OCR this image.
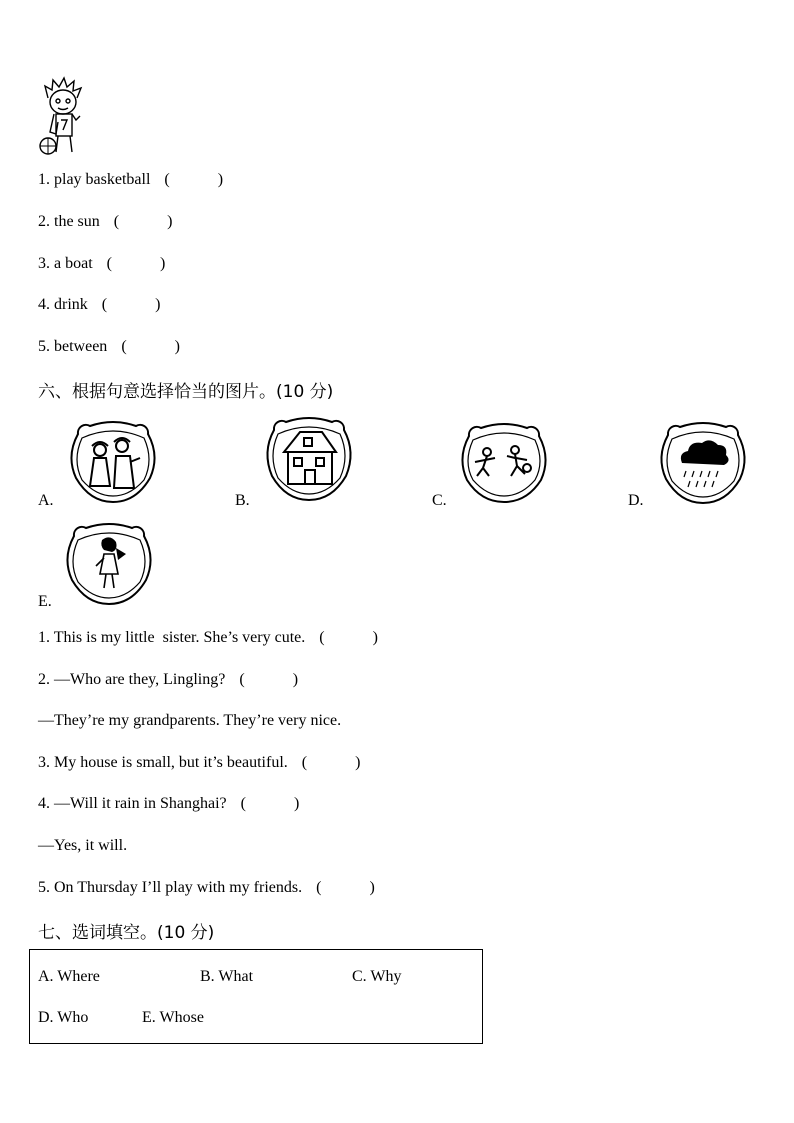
1. play basketball (	)
2. the sun (	)
3. a boat (	)
4. drink (	)
5. between (	)
六、根据句意选择恰当的图片。(10 分)
A.	B.	C.	D.
E.
1. This is my little  sister. She’s very cute. (	)
2. —Who are they, Lingling? (	)
—They’re my grandparents. They’re very nice.
3. My house is small, but it’s beautiful. (	)
4. —Will it rain in Shanghai? (	)
—Yes, it will.
5. On Thursday I’ll play with my friends. (	)
七、选词填空。(10 分)
A. Where	B. What	C. Why
D. Who	E. Whose
